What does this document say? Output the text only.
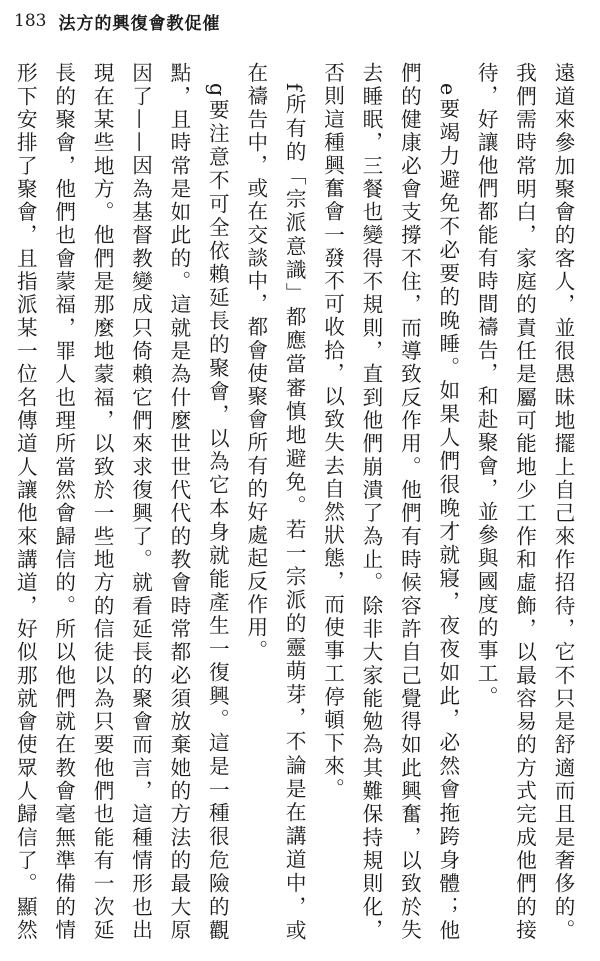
183 法方的興復會教促催

遠道來參加聚會的客人，並很愚昧地擺上自己來作招待，它不只是舒適而且是奢侈的。我們需時常明白，家庭的責任是屬可能地少工作和虛飾，以最容易的方式完成他們的接待，好讓他們都能有時間禱告，和赴聚會，並參與國度的事工。

e要竭力避免不必要的晚睡。如果人們很晚才就寢，夜夜如此，必然會拖跨身體；他們的健康必會支撐不住，而導致反作用。他們有時候容許自己覺得如此興奮，以致於失去睡眠，三餐也變得不規則，直到他們崩潰了為止。除非大家能勉為其難保持規則化，否則這種興奮會一發不可收拾，以致失去自然狀態，而使事工停頓下來。

f所有的「宗派意識」都應當審慎地避免。若一宗派的靈萌芽，不論是在講道中，或在禱告中，或在交談中，都會使聚會所有的好處起反作用。

g要注意不可全依賴延長的聚會，以為它本身就能產生一復興。這是一種很危險的觀點，且時常是如此的。這就是為什麼世世代代的教會時常都必須放棄她的方法的最大原因了——因為基督教變成只倚賴它們來求復興了。就看延長的聚會而言，這種情形也出現在某些地方。他們是那麼地蒙福，以致於一些地方的信徒以為只要他們也能有一次延長的聚會，他們也會蒙福，罪人也理所當然會歸信的。所以他們就在教會毫無準備的情形下安排了聚會，且指派某一位名傳道人讓他來講道，好似那就會使眾人歸信了。顯然
